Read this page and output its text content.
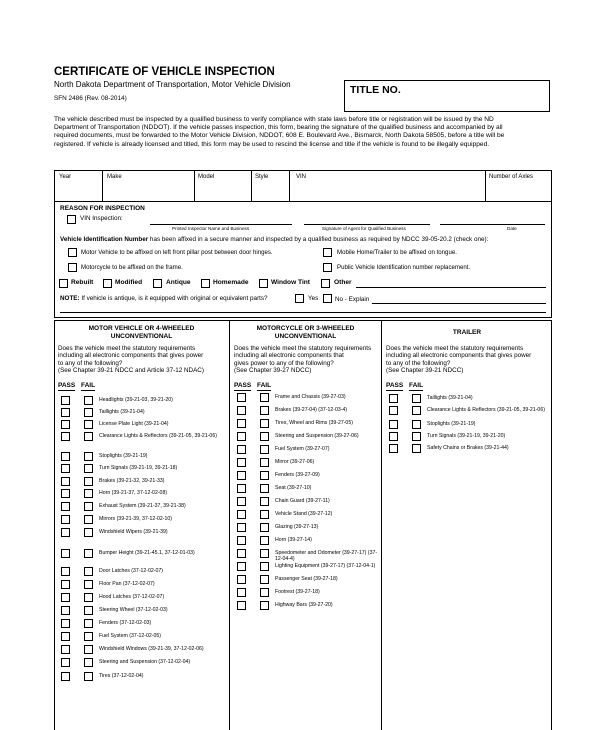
CERTIFICATE OF VEHICLE INSPECTION
North Dakota Department of Transportation, Motor Vehicle Division
SFN 2486 (Rev. 08-2014)
TITLE NO.
The vehicle described must be inspected by a qualified business to verify compliance with state laws before title or registration will be issued by the ND
Department of Transportation (NDDOT). If the vehicle passes inspection, this form, bearing the signature of the qualified business and accompanied by all
required documents, must be forwarded to the Motor Vehicle Division, NDDOT, 608 E. Boulevard Ave., Bismarck, North Dakota 58505, before a title will be
registered. If vehicle is already licensed and titled, this form may be used to rescind the license and title if the vehicle is found to be illegally equipped.
Year	Make	Model	Style	VIN	Number of Axles
REASON FOR INSPECTION
VIN Inspection:
Printed Inspector Name and Business	Signature of Agent for Qualified Business	Date
Vehicle Identification Number has been affixed in a secure manner and inspected by a qualified business as required by NDCC 39-05-20.2 (check one):
Motor Vehicle to be affixed on left front pillar post between door hinges.	Mobile Home/Trailer to be affixed on tongue.
Motorcycle to be affixed on the frame.	Public Vehicle Identification number replacement.
Rebuilt	Modified	Antique	Homemade	Window Tint	Other
NOTE: If vehicle is antique, is it equipped with original or equivalent parts?	Yes	No - Explain
MOTOR VEHICLE OR 4-WHEELED
UNCONVENTIONAL
Does the vehicle meet the statutory requirements
including all electronic components that gives power
to any of the following?
(See Chapter 39-21 NDCC and Article 37-12 NDAC)
PASS FAIL
MOTORCYCLE OR 3-WHEELED
UNCONVENTIONAL
Does the vehicle meet the statutory requirements
including all electronic components that
gives power to any of the following?
(See Chapter 39-27 NDCC)
PASS FAIL
TRAILER
Does the vehicle meet the statutory requirements
including all electronic components that gives power
to any of the following?
(See Chapter 39-21 NDCC)
PASS FAIL
Headlights (39-21-03, 39-21-20)
Taillights (39-21-04)
License Plate Light (39-21-04)
Clearance Lights & Reflectors (39-21-05, 39-21-06)
Stoplights (39-21-19)
Turn Signals (39-21-19, 39-21-18)
Brakes (39-21-32, 39-21-33)
Horn (39-21-37, 37-12-02-08)
Exhaust System (39-21-37, 39-21-38)
Mirrors (39-21-39, 37-12-02-10)
Windshield Wipers (39-21-39)
Bumper Height (39-21-45.1, 37-12-01-03)
Door Latches (37-12-02-07)
Floor Pan (37-12-02-07)
Hood Latches (37-12-02-07)
Steering Wheel (37-12-02-03)
Fenders (37-12-02-03)
Fuel System (37-12-02-05)
Windshield Windows (39-21-39, 37-12-02-06)
Steering and Suspension (37-12-02-04)
Tires (37-12-02-04)
Frame and Chassis (39-27-03)
Brakes (39-27-04) (37-12-03-4)
Tires, Wheel and Rims (39-27-05)
Steering and Suspension (39-27-06)
Fuel System (39-27-07)
Mirror (39-27-06)
Fenders (39-27-09)
Seat (39-27-10)
Chain Guard (39-27-11)
Vehicle Stand (39-27-12)
Glazing (39-27-13)
Horn (39-27-14)
Speedometer and Odometer (39-27-17) (37-12-04-4)
Lighting Equipment (39-27-17) (37-12-04-1)
Passenger Seat (39-27-18)
Footrest (39-27-18)
Highway Bars (39-27-20)
Taillights (39-21-04)
Clearance Lights & Reflectors (39-21-05, 39-21-06)
Stoplights (39-21-19)
Turn Signals (39-21-19, 39-21-20)
Safety Chains or Brakes (39-21-44)
